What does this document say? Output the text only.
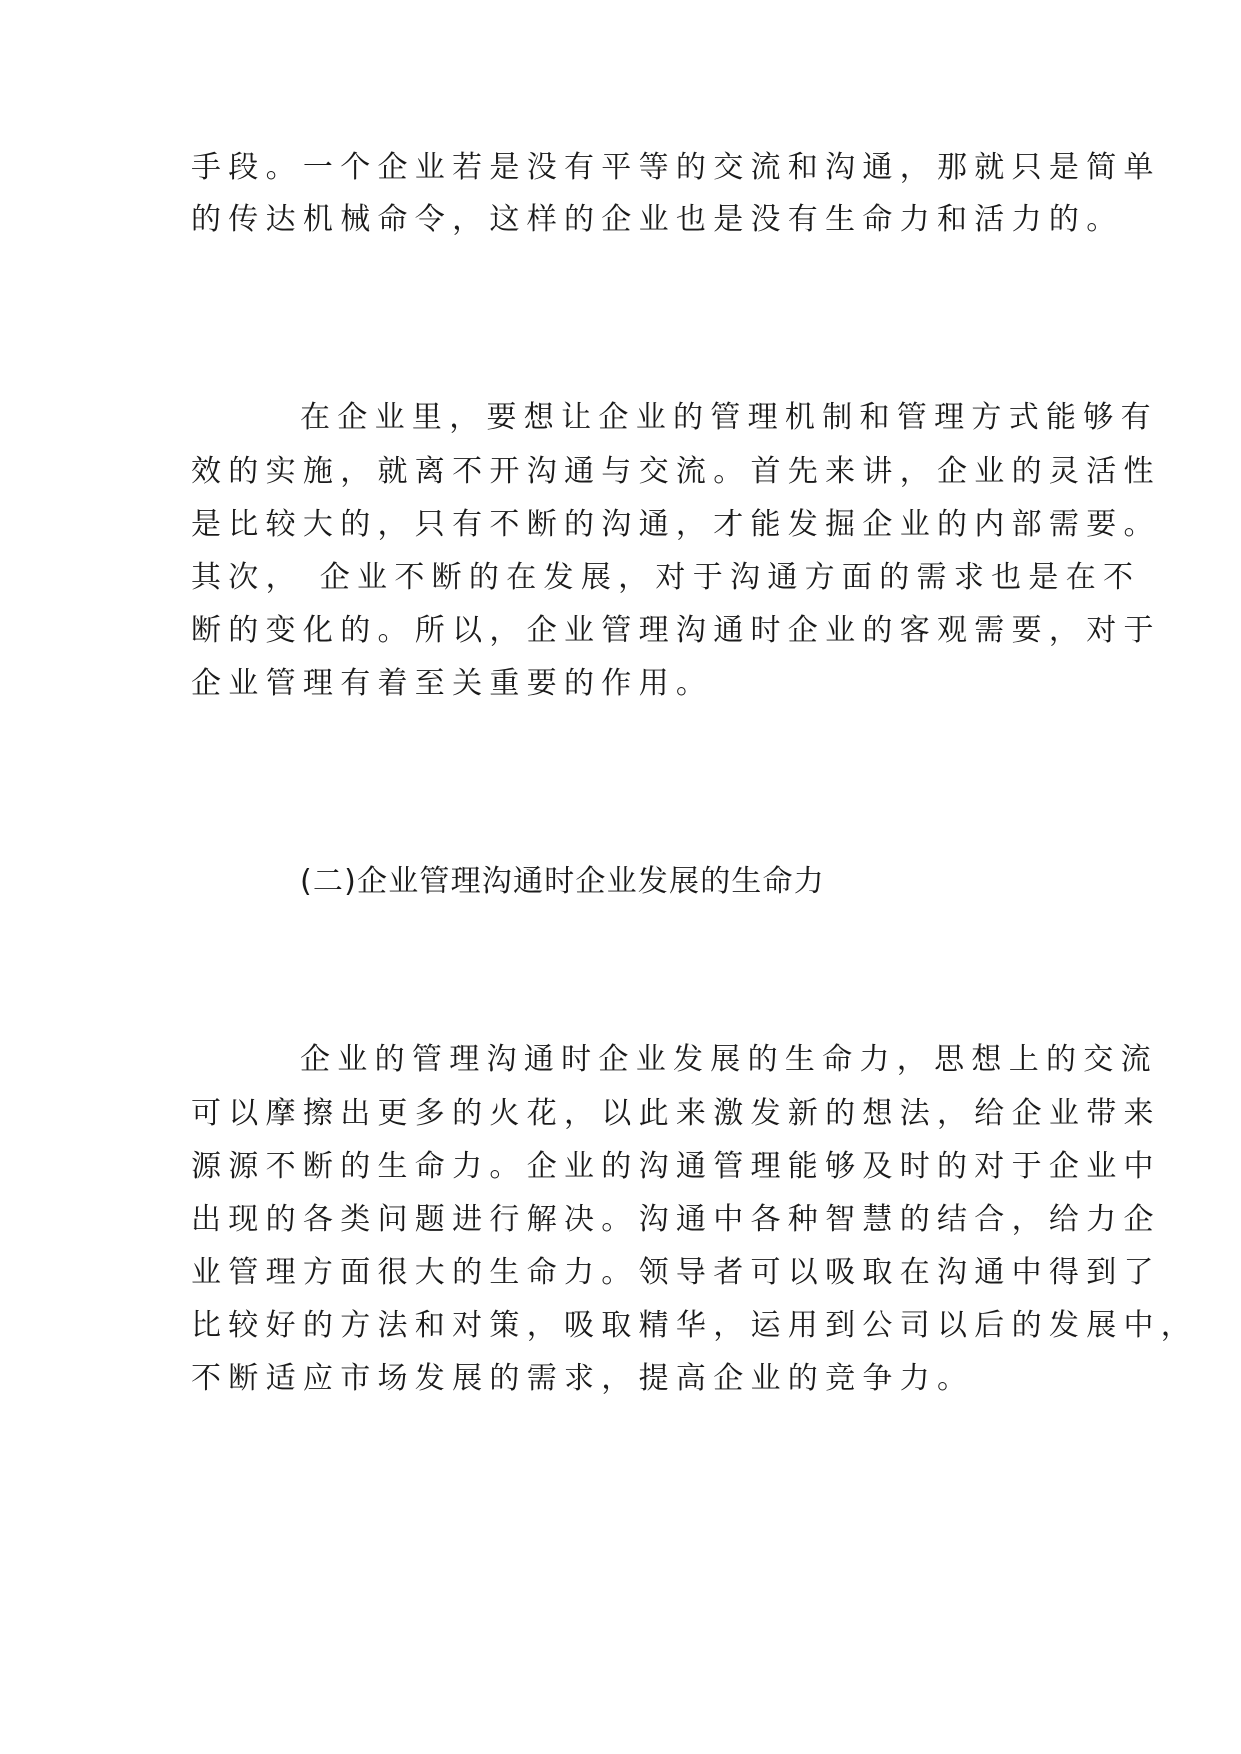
手段。一个企业若是没有平等的交流和沟通，那就只是简单
的传达机械命令，这样的企业也是没有生命力和活力的。
在企业里，要想让企业的管理机制和管理方式能够有
效的实施，就离不开沟通与交流。首先来讲，企业的灵活性
是比较大的，只有不断的沟通，才能发掘企业的内部需要。
其次， 企业不断的在发展，对于沟通方面的需求也是在不
断的变化的。所以，企业管理沟通时企业的客观需要，对于
企业管理有着至关重要的作用。
(二)企业管理沟通时企业发展的生命力
企业的管理沟通时企业发展的生命力，思想上的交流
可以摩擦出更多的火花，以此来激发新的想法，给企业带来
源源不断的生命力。企业的沟通管理能够及时的对于企业中
出现的各类问题进行解决。沟通中各种智慧的结合，给力企
业管理方面很大的生命力。领导者可以吸取在沟通中得到了
比较好的方法和对策，吸取精华，运用到公司以后的发展中，
不断适应市场发展的需求，提高企业的竞争力。
